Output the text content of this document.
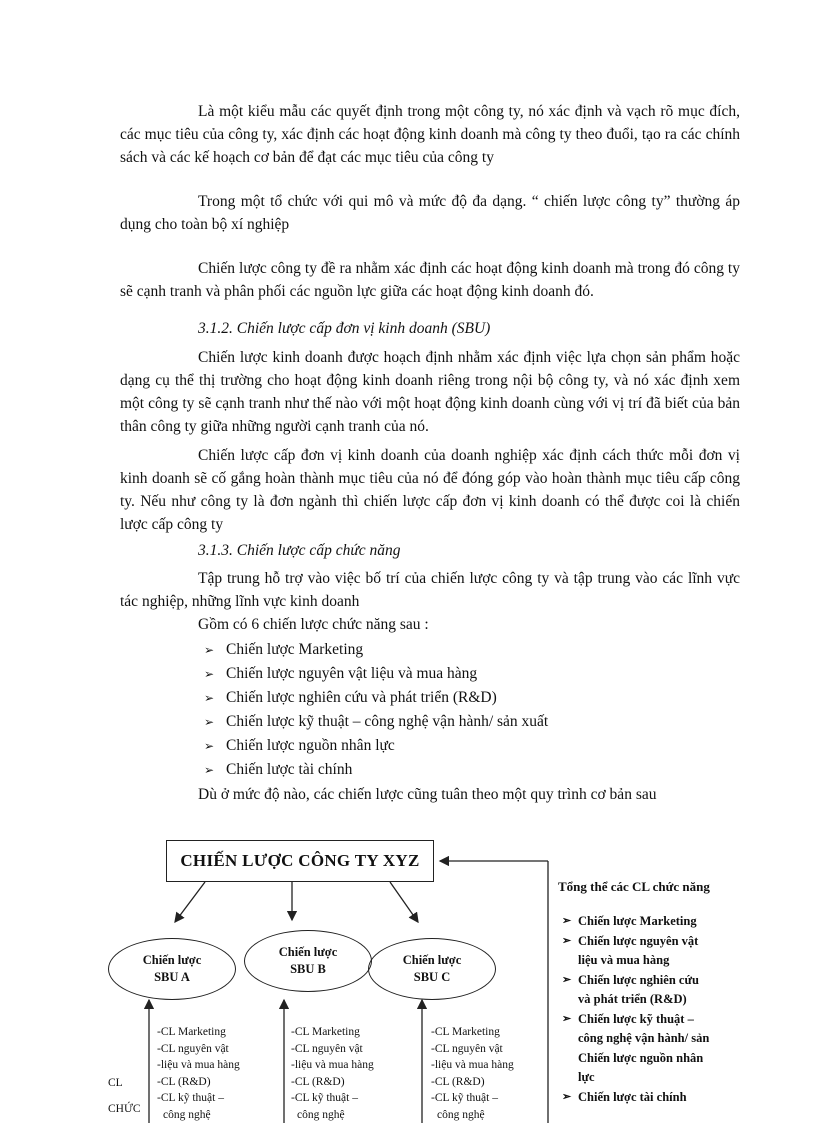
Là một kiểu mẫu các quyết định trong một công ty, nó xác định và vạch rõ mục đích, các mục tiêu của công ty, xác định các hoạt động kinh doanh mà công ty theo đuổi, tạo ra các chính sách và các kế hoạch cơ bản để đạt các mục tiêu của công ty

Trong một tổ chức với qui mô và mức độ đa dạng. “ chiến lược công ty” thường áp dụng cho toàn bộ xí nghiệp

Chiến lược công ty đề ra nhằm xác định các hoạt động kinh doanh mà trong đó công ty sẽ cạnh tranh và phân phối các nguồn lực giữa các hoạt động kinh doanh đó.

3.1.2. Chiến lược cấp đơn vị kinh doanh (SBU)

Chiến lược kinh doanh được hoạch định nhằm xác định việc lựa chọn sản phẩm hoặc dạng cụ thể thị trường cho hoạt động kinh doanh riêng trong nội bộ công ty, và nó xác định xem một công ty sẽ cạnh tranh như thế nào với một hoạt động kinh doanh cùng với vị trí đã biết của bản thân công ty giữa những người cạnh tranh của nó.

Chiến lược cấp đơn vị kinh doanh của doanh nghiệp xác định cách thức mỗi đơn vị kinh doanh sẽ cố gắng hoàn thành mục tiêu của nó để đóng góp vào hoàn thành mục tiêu cấp công ty. Nếu như công ty là đơn ngành thì chiến lược cấp đơn vị kinh doanh có thể được coi là chiến lược cấp công ty

3.1.3. Chiến lược cấp chức năng

Tập trung hỗ trợ vào việc bố trí của chiến lược công ty và tập trung vào các lĩnh vực tác nghiệp, những lĩnh vực kinh doanh

Gồm có 6 chiến lược chức năng sau :

➢ Chiến lược Marketing
➢ Chiến lược nguyên vật liệu và mua hàng
➢ Chiến lược nghiên cứu và phát triển (R&D)
➢ Chiến lược kỹ thuật – công nghệ vận hành/ sản xuất
➢ Chiến lược nguồn nhân lực
➢ Chiến lược tài chính

Dù ở mức độ nào, các chiến lược cũng tuân theo một quy trình cơ bản sau

CHIẾN LƯỢC CÔNG TY XYZ
Chiến lược
SBU A
Chiến lược
SBU B
Chiến lược
SBU C
-CL Marketing
-CL nguyên vật
-liệu và mua hàng
-CL (R&D)
-CL kỹ thuật –
công nghệ
-CL Marketing
-CL nguyên vật
-liệu và mua hàng
-CL (R&D)
-CL kỹ thuật –
công nghệ
-CL Marketing
-CL nguyên vật
-liệu và mua hàng
-CL (R&D)
-CL kỹ thuật –
công nghệ
CL
CHỨC
Tổng thể các CL chức năng
➢ Chiến lược Marketing
➢ Chiến lược nguyên vật
liệu và mua hàng
➢ Chiến lược nghiên cứu
và phát triển (R&D)
➢ Chiến lược kỹ thuật –
công nghệ vận hành/ sản
Chiến lược nguồn nhân
lực
➢ Chiến lược tài chính
